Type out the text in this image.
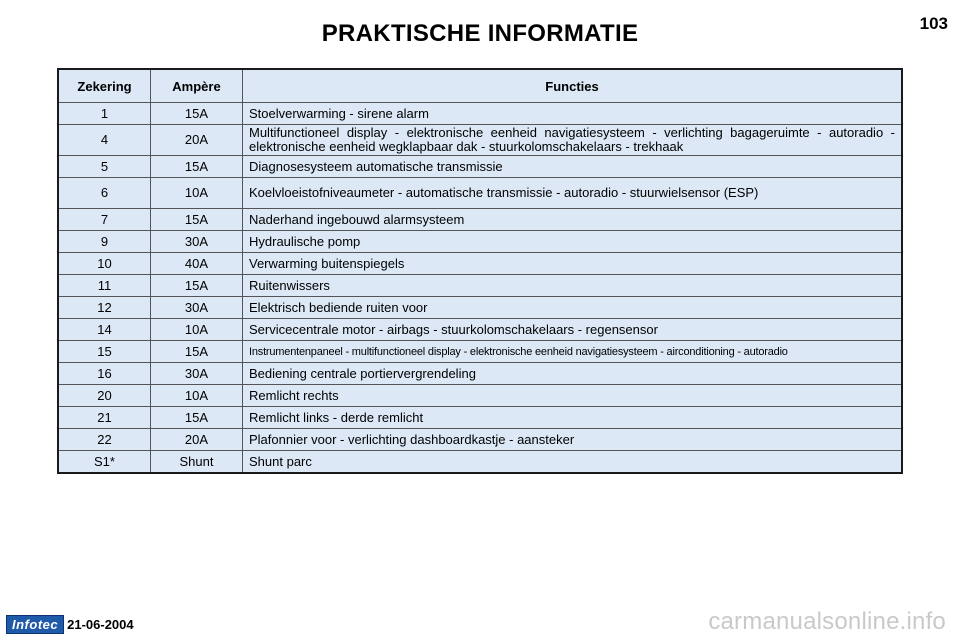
PRAKTISCHE INFORMATIE	103
Zekering	Ampère	Functies
1	15A	Stoelverwarming - sirene alarm
4	20A	Multifunctioneel display - elektronische eenheid navigatiesysteem - verlichting bagageruimte - autoradio - elektronische eenheid wegklapbaar dak - stuurkolomschakelaars - trekhaak
5	15A	Diagnosesysteem automatische transmissie
6	10A	Koelvloeistofniveaumeter - automatische transmissie - autoradio - stuurwielsensor (ESP)
7	15A	Naderhand ingebouwd alarmsysteem
9	30A	Hydraulische pomp
10	40A	Verwarming buitenspiegels
11	15A	Ruitenwissers
12	30A	Elektrisch bediende ruiten voor
14	10A	Servicecentrale motor - airbags - stuurkolomschakelaars - regensensor
15	15A	Instrumentenpaneel - multifunctioneel display - elektronische eenheid navigatiesysteem - airconditioning - autoradio
16	30A	Bediening centrale portiervergrendeling
20	10A	Remlicht rechts
21	15A	Remlicht links - derde remlicht
22	20A	Plafonnier voor - verlichting dashboardkastje - aansteker
S1*	Shunt	Shunt parc
Infotec 21-06-2004	carmanualsonline.info
